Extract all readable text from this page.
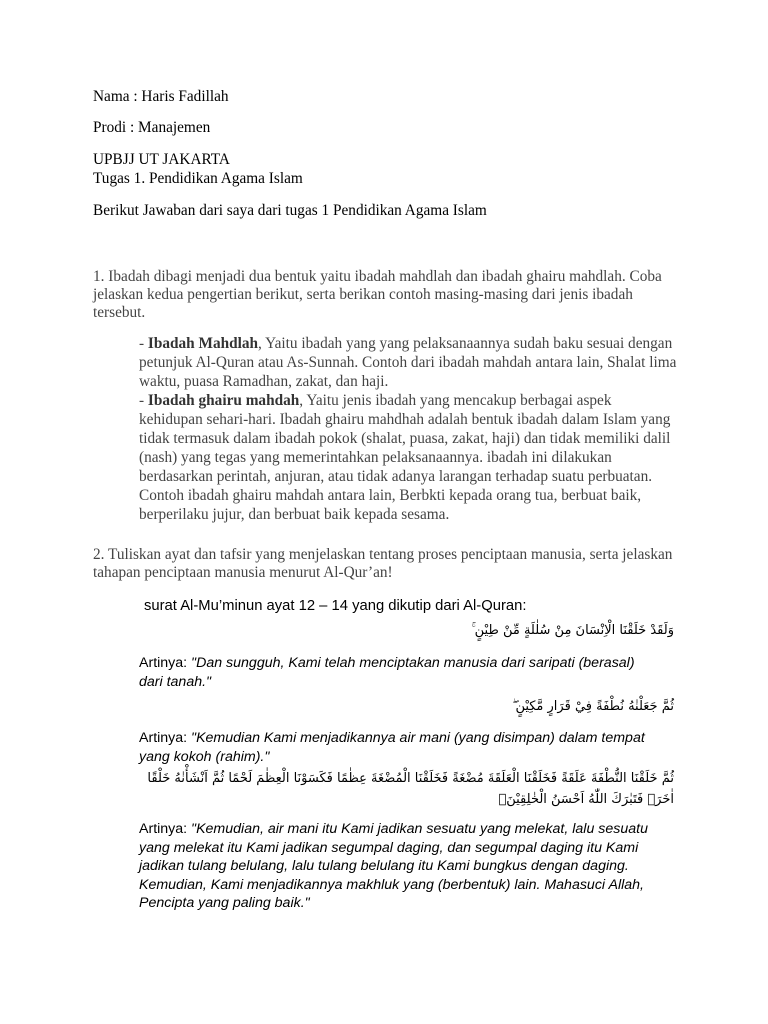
Nama : Haris Fadillah
Prodi : Manajemen
UPBJJ UT JAKARTA
Tugas 1. Pendidikan Agama Islam
Berikut Jawaban dari saya dari tugas 1 Pendidikan Agama Islam
1. Ibadah dibagi menjadi dua bentuk yaitu ibadah mahdlah dan ibadah ghairu mahdlah. Coba jelaskan kedua pengertian berikut, serta berikan contoh masing-masing dari jenis ibadah tersebut.
- Ibadah Mahdlah, Yaitu ibadah yang yang pelaksanaannya sudah baku sesuai dengan petunjuk Al-Quran atau As-Sunnah. Contoh dari ibadah mahdah antara lain, Shalat lima waktu, puasa Ramadhan, zakat, dan haji.
- Ibadah ghairu mahdah, Yaitu jenis ibadah yang mencakup berbagai aspek kehidupan sehari-hari. Ibadah ghairu mahdhah adalah bentuk ibadah dalam Islam yang tidak termasuk dalam ibadah pokok (shalat, puasa, zakat, haji) dan tidak memiliki dalil (nash) yang tegas yang memerintahkan pelaksanaannya. ibadah ini dilakukan berdasarkan perintah, anjuran, atau tidak adanya larangan terhadap suatu perbuatan. Contoh ibadah ghairu mahdah antara lain, Berbkti kepada orang tua, berbuat baik, berperilaku jujur, dan berbuat baik kepada sesama.
2. Tuliskan ayat dan tafsir yang menjelaskan tentang proses penciptaan manusia, serta jelaskan tahapan penciptaan manusia menurut Al-Qur’an!
surat Al-Mu’minun ayat 12 – 14 yang dikutip dari Al-Quran:
وَلَقَدْ خَلَقْنَا الْاِنْسَانَ مِنْ سُلٰلَةٍ مِّنْ طِيْنٍ ۚ
Artinya: "Dan sungguh, Kami telah menciptakan manusia dari saripati (berasal) dari tanah."
ثُمَّ جَعَلْنٰهُ نُطْفَةً فِيْ قَرَارٍ مَّكِيْنٍ ۖ
Artinya: "Kemudian Kami menjadikannya air mani (yang disimpan) dalam tempat yang kokoh (rahim)."
ثُمَّ خَلَقْنَا النُّطْفَةَ عَلَقَةً فَخَلَقْنَا الْعَلَقَةَ مُضْغَةً فَخَلَقْنَا الْمُضْغَةَ عِظٰمًا فَكَسَوْنَا الْعِظٰمَ لَحْمًا ثُمَّ اَنْشَأْنٰهُ خَلْقًا اٰخَرَۗ فَتَبٰرَكَ اللّٰهُ اَحْسَنُ الْخٰلِقِيْنَۗ
Artinya: "Kemudian, air mani itu Kami jadikan sesuatu yang melekat, lalu sesuatu yang melekat itu Kami jadikan segumpal daging, dan segumpal daging itu Kami jadikan tulang belulang, lalu tulang belulang itu Kami bungkus dengan daging. Kemudian, Kami menjadikannya makhluk yang (berbentuk) lain. Mahasuci Allah, Pencipta yang paling baik."
